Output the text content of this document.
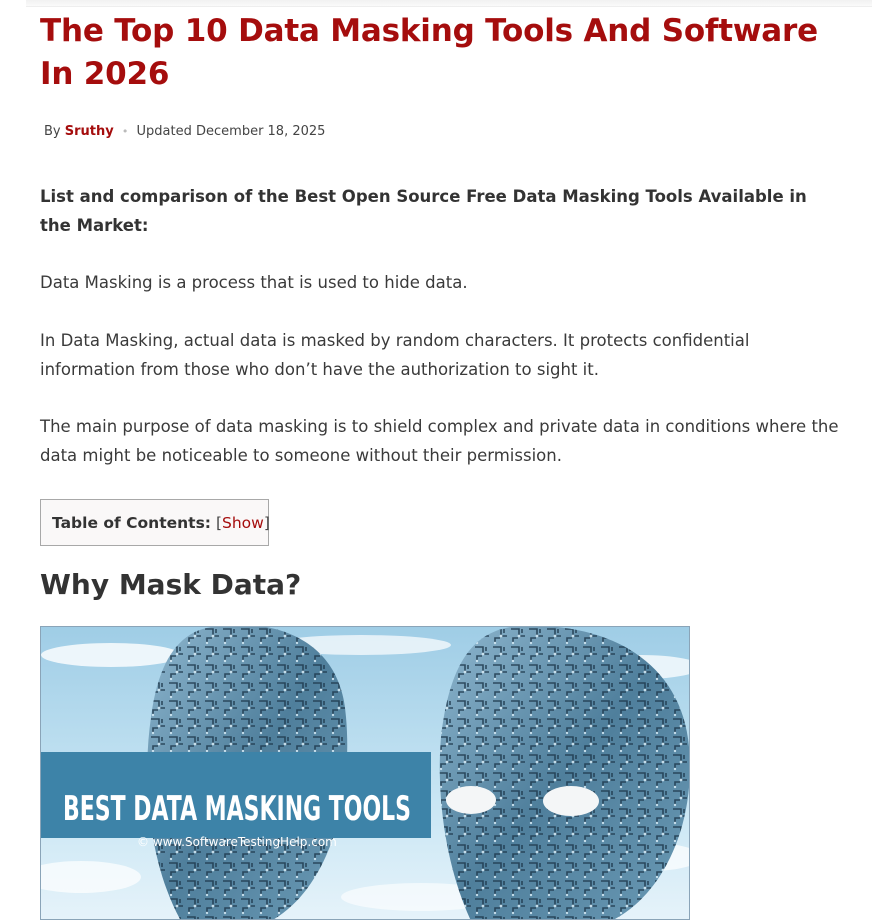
The Top 10 Data Masking Tools And Software In 2026
By Sruthy • Updated December 18, 2025

List and comparison of the Best Open Source Free Data Masking Tools Available in the Market:

Data Masking is a process that is used to hide data.

In Data Masking, actual data is masked by random characters. It protects confidential information from those who don’t have the authorization to sight it.

The main purpose of data masking is to shield complex and private data in conditions where the data might be noticeable to someone without their permission.

Table of Contents: [Show]
Why Mask Data?
BEST DATA MASKING TOOLS
© www.SoftwareTestingHelp.com
